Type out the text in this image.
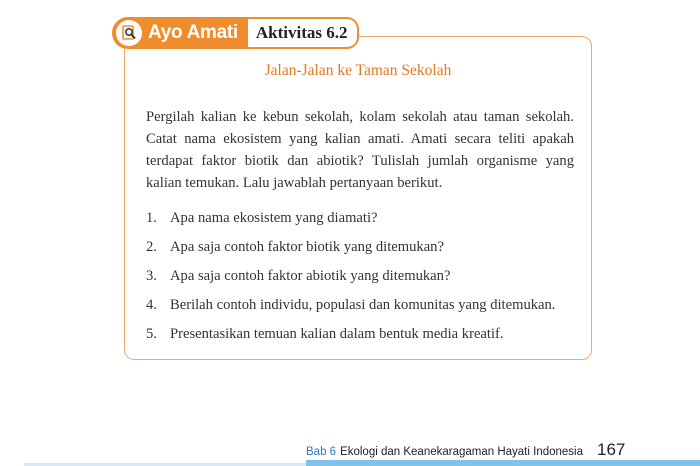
Ayo Amati Aktivitas 6.2
Jalan-Jalan ke Taman Sekolah
Pergilah kalian ke kebun sekolah, kolam sekolah atau taman sekolah. Catat nama ekosistem yang kalian amati. Amati secara teliti apakah terdapat faktor biotik dan abiotik? Tulislah jumlah organisme yang kalian temukan. Lalu jawablah pertanyaan berikut.
1. Apa nama ekosistem yang diamati?
2. Apa saja contoh faktor biotik yang ditemukan?
3. Apa saja contoh faktor abiotik yang ditemukan?
4. Berilah contoh individu, populasi dan komunitas yang ditemukan.
5. Presentasikan temuan kalian dalam bentuk media kreatif.
Bab 6 Ekologi dan Keanekaragaman Hayati Indonesia 167
